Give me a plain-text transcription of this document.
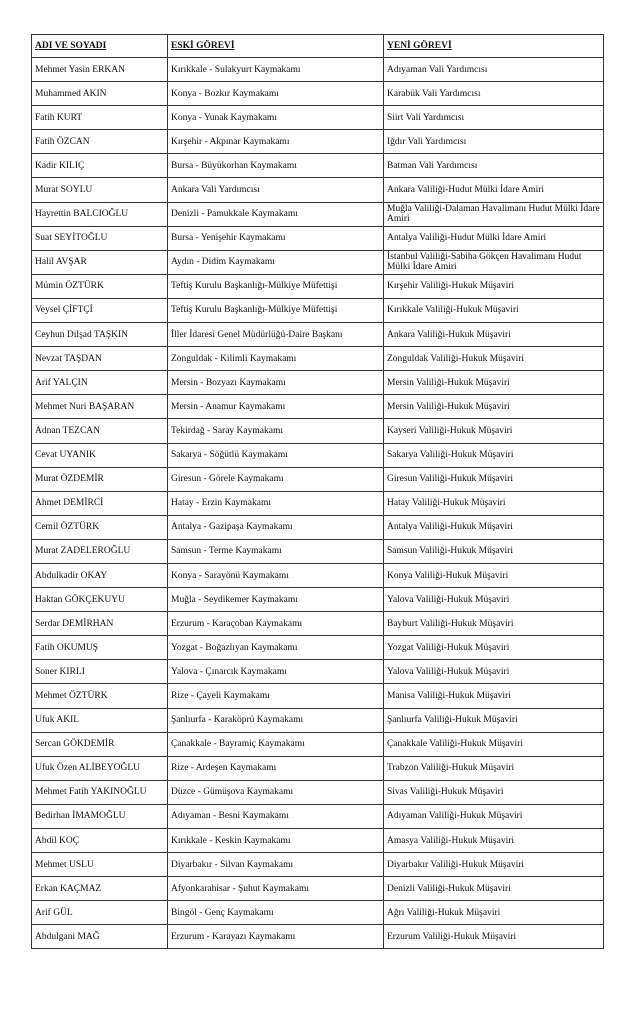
ADI VE SOYADI	ESKİ GÖREVİ	YENİ GÖREVİ
Mehmet Yasin ERKAN	Kırıkkale - Sulakyurt Kaymakamı	Adıyaman Vali Yardımcısı
Muhammed AKIN	Konya - Bozkır Kaymakamı	Karabük Vali Yardımcısı
Fatih KURT	Konya - Yunak Kaymakamı	Siirt Vali Yardımcısı
Fatih ÖZCAN	Kırşehir - Akpınar Kaymakamı	Iğdır Vali Yardımcısı
Kadir KILIÇ	Bursa - Büyükorhan Kaymakamı	Batman Vali Yardımcısı
Murat SOYLU	Ankara Vali Yardımcısı	Ankara Valiliği-Hudut Mülki İdare Amiri
Hayrettin BALCIOĞLU	Denizli - Pamukkale Kaymakamı	Muğla Valiliği-Dalaman Havalimanı Hudut Mülki İdare Amiri
Suat SEYİTOĞLU	Bursa - Yenişehir Kaymakamı	Antalya Valiliği-Hudut Mülki İdare Amiri
Halil AVŞAR	Aydın - Didim Kaymakamı	İstanbul Valiliği-Sabiha Gökçen Havalimanı Hudut Mülki İdare Amiri
Mümin ÖZTÜRK	Teftiş Kurulu Başkanlığı-Mülkiye Müfettişi	Kırşehir Valiliği-Hukuk Müşaviri
Veysel ÇİFTÇİ	Teftiş Kurulu Başkanlığı-Mülkiye Müfettişi	Kırıkkale Valiliği-Hukuk Müşaviri
Ceyhun Dilşad TAŞKIN	İller İdaresi Genel Müdürlüğü-Daire Başkanı	Ankara Valiliği-Hukuk Müşaviri
Nevzat TAŞDAN	Zonguldak - Kilimli Kaymakamı	Zonguldak Valiliği-Hukuk Müşaviri
Arif YALÇIN	Mersin - Bozyazı Kaymakamı	Mersin Valiliği-Hukuk Müşaviri
Mehmet Nuri BAŞARAN	Mersin - Anamur Kaymakamı	Mersin Valiliği-Hukuk Müşaviri
Adnan TEZCAN	Tekirdağ - Saray Kaymakamı	Kayseri Valiliği-Hukuk Müşaviri
Cevat UYANIK	Sakarya - Söğütlü Kaymakamı	Sakarya Valiliği-Hukuk Müşaviri
Murat ÖZDEMİR	Giresun - Görele Kaymakamı	Giresun Valiliği-Hukuk Müşaviri
Ahmet DEMİRCİ	Hatay - Erzin Kaymakamı	Hatay Valiliği-Hukuk Müşaviri
Cemil ÖZTÜRK	Antalya - Gazipaşa Kaymakamı	Antalya Valiliği-Hukuk Müşaviri
Murat ZADELEROĞLU	Samsun - Terme Kaymakamı	Samsun Valiliği-Hukuk Müşaviri
Abdulkadir OKAY	Konya - Sarayönü Kaymakamı	Konya Valiliği-Hukuk Müşaviri
Haktan GÖKÇEKUYU	Muğla - Seydikemer Kaymakamı	Yalova Valiliği-Hukuk Müşaviri
Serdar DEMİRHAN	Erzurum - Karaçoban Kaymakamı	Bayburt Valiliği-Hukuk Müşaviri
Fatih OKUMUŞ	Yozgat - Boğazlıyan Kaymakamı	Yozgat Valiliği-Hukuk Müşaviri
Soner KIRLI	Yalova - Çınarcık Kaymakamı	Yalova Valiliği-Hukuk Müşaviri
Mehmet ÖZTÜRK	Rize - Çayeli Kaymakamı	Manisa Valiliği-Hukuk Müşaviri
Ufuk AKIL	Şanlıurfa - Karaköprü Kaymakamı	Şanlıurfa Valiliği-Hukuk Müşaviri
Sercan GÖKDEMİR	Çanakkale - Bayramiç Kaymakamı	Çanakkale Valiliği-Hukuk Müşaviri
Ufuk Özen ALİBEYOĞLU	Rize - Ardeşen Kaymakamı	Trabzon Valiliği-Hukuk Müşaviri
Mehmet Fatih YAKINOĞLU	Düzce - Gümüşova Kaymakamı	Sivas Valiliği-Hukuk Müşaviri
Bedirhan İMAMOĞLU	Adıyaman - Besni Kaymakamı	Adıyaman Valiliği-Hukuk Müşaviri
Abdil KOÇ	Kırıkkale - Keskin Kaymakamı	Amasya Valiliği-Hukuk Müşaviri
Mehmet USLU	Diyarbakır - Silvan Kaymakamı	Diyarbakır Valiliği-Hukuk Müşaviri
Erkan KAÇMAZ	Afyonkarahisar - Şuhut Kaymakamı	Denizli Valiliği-Hukuk Müşaviri
Arif GÜL	Bingöl - Genç Kaymakamı	Ağrı Valiliği-Hukuk Müşaviri
Abdulgani MAĞ	Erzurum - Karayazı Kaymakamı	Erzurum Valiliği-Hukuk Müşaviri
